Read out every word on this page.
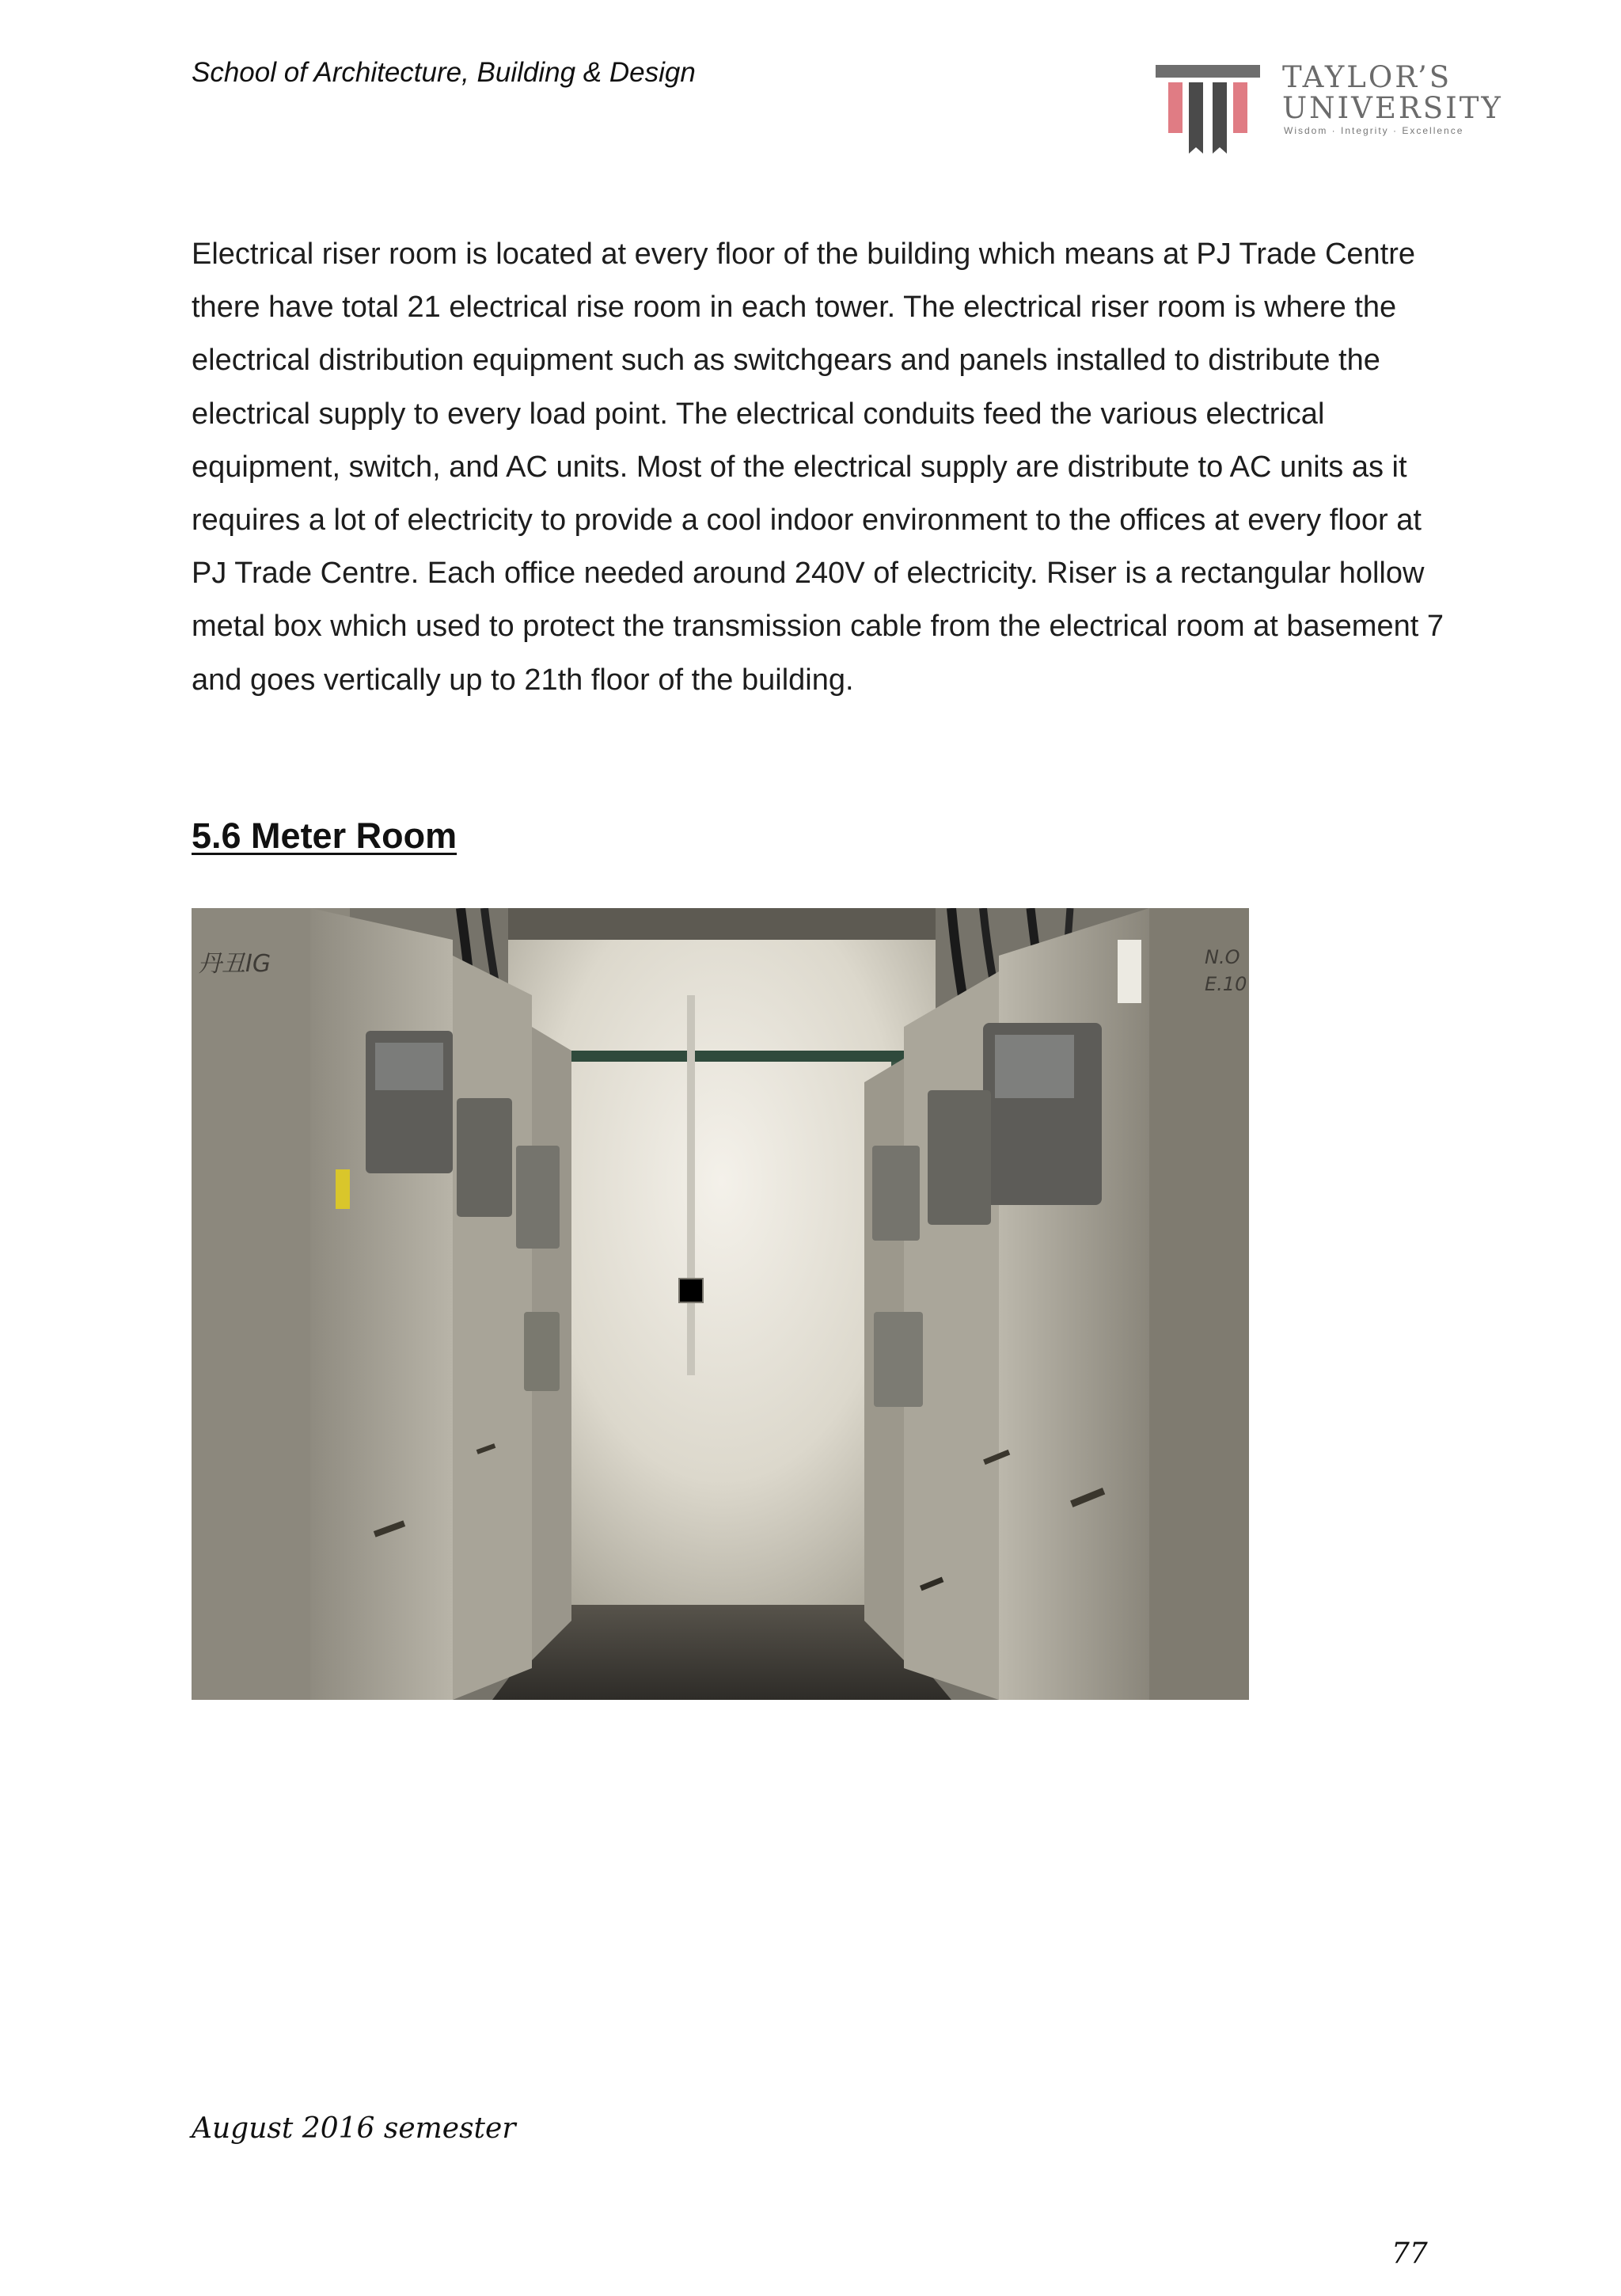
School of Architecture, Building & Design	TAYLOR’S
UNIVERSITY
Wisdom · Integrity · Excellence

Electrical riser room is located at every floor of the building which means at PJ Trade Centre there have total 21 electrical rise room in each tower. The electrical riser room is where the electrical distribution equipment such as switchgears and panels installed to distribute the electrical supply to every load point. The electrical conduits feed the various electrical equipment, switch, and AC units. Most of the electrical supply are distribute to AC units as it requires a lot of electricity to provide a cool indoor environment to the offices at every floor at PJ Trade Centre. Each office needed around 240V of electricity. Riser is a rectangular hollow metal box which used to protect the transmission cable from the electrical room at basement 7 and goes vertically up to 21th floor of the building.

5.6 Meter Room
丹丑IG	N.O
E.10
August 2016 semester
77
